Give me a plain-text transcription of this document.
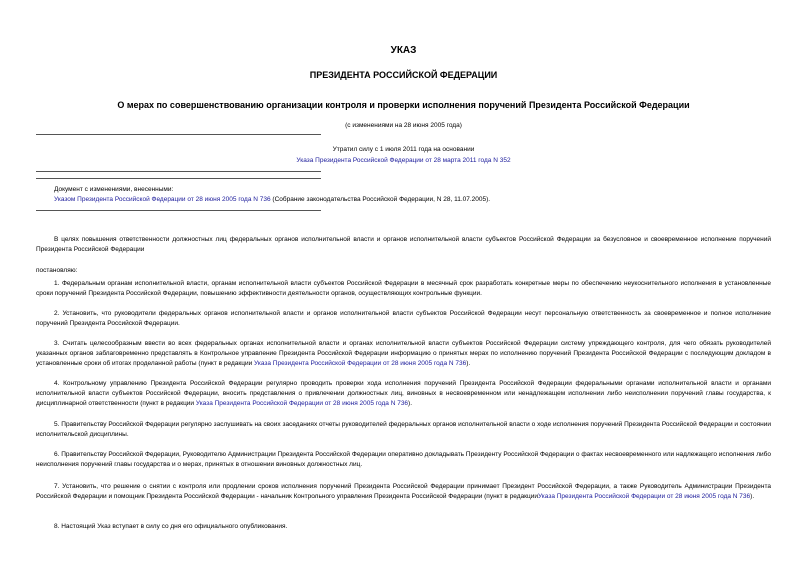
УКАЗ
ПРЕЗИДЕНТА РОССИЙСКОЙ ФЕДЕРАЦИИ
О мерах по совершенствованию организации контроля и проверки исполнения поручений Президента Российской Федерации
(с изменениями на 28 июня 2005 года)
Утратил силу с 1 июля 2011 года на основании
Указа Президента Российской Федерации от 28 марта 2011 года N 352
Документ с изменениями, внесенными:
Указом Президента Российской Федерации от 28 июня 2005 года N 736 (Собрание законодательства Российской Федерации, N 28, 11.07.2005).
В целях повышения ответственности должностных лиц федеральных органов исполнительной власти и органов исполнительной власти субъектов Российской Федерации за безусловное и своевременное исполнение поручений Президента Российской Федерации
постановляю:
1. Федеральным органам исполнительной власти, органам исполнительной власти субъектов Российской Федерации в месячный срок разработать конкретные меры по обеспечению неукоснительного исполнения в установленные сроки поручений Президента Российской Федерации, повышению эффективности деятельности органов, осуществляющих контрольные функции.
2. Установить, что руководители федеральных органов исполнительной власти и органов исполнительной власти субъектов Российской Федерации несут персональную ответственность за своевременное и полное исполнение поручений Президента Российской Федерации.
3. Считать целесообразным ввести во всех федеральных органах исполнительной власти и органах исполнительной власти субъектов Российской Федерации систему упреждающего контроля, для чего обязать руководителей указанных органов заблаговременно представлять в Контрольное управление Президента Российской Федерации информацию о принятых мерах по исполнению поручений Президента Российской Федерации с последующим докладом в установленные сроки об итогах проделанной работы (пункт в редакции Указа Президента Российской Федерации от 28 июня 2005 года N 736).
4. Контрольному управлению Президента Российской Федерации регулярно проводить проверки хода исполнения поручений Президента Российской Федерации федеральными органами исполнительной власти и органами исполнительной власти субъектов Российской Федерации, вносить представления о привлечении должностных лиц, виновных в несвоевременном или ненадлежащем исполнении либо неисполнении поручений главы государства, к дисциплинарной ответственности (пункт в редакции Указа Президента Российской Федерации от 28 июня 2005 года N 736).
5. Правительству Российской Федерации регулярно заслушивать на своих заседаниях отчеты руководителей федеральных органов исполнительной власти о ходе исполнения поручений Президента Российской Федерации и состоянии исполнительской дисциплины.
6. Правительству Российской Федерации, Руководителю Администрации Президента Российской Федерации оперативно докладывать Президенту Российской Федерации о фактах несвоевременного или надлежащего исполнения либо неисполнения поручений главы государства и о мерах, принятых в отношении виновных должностных лиц.
7. Установить, что решение о снятии с контроля или продлении сроков исполнения поручений Президента Российской Федерации принимает Президент Российской Федерации, а также Руководитель Администрации Президента Российской Федерации и помощник Президента Российской Федерации - начальник Контрольного управления Президента Российской Федерации (пункт в редакцииУказа Президента Российской Федерации от 28 июня 2005 года N 736).
8. Настоящий Указ вступает в силу со дня его официального опубликования.
